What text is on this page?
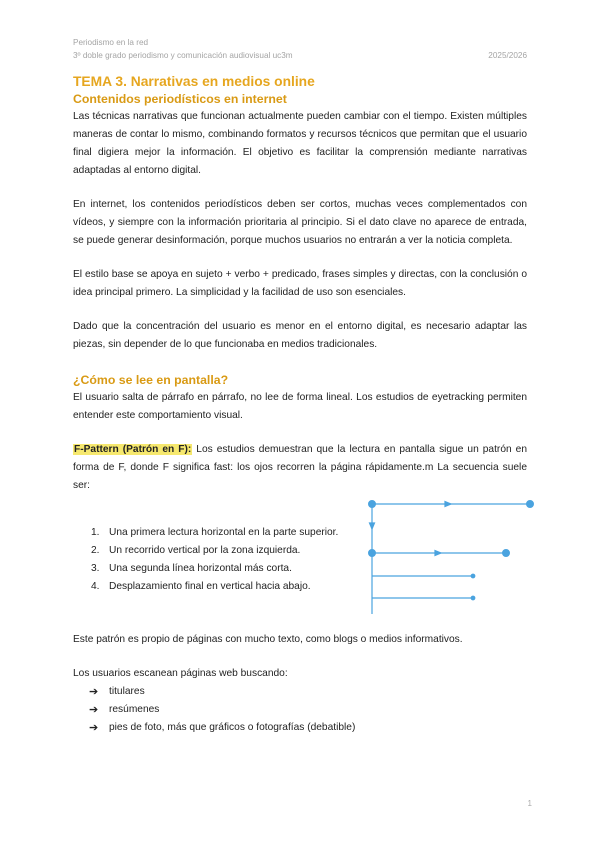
Periodismo en la red
3º doble grado periodismo y comunicación audiovisual uc3m	2025/2026
TEMA 3. Narrativas en medios online
Contenidos periodísticos en internet

Las técnicas narrativas que funcionan actualmente pueden cambiar con el tiempo. Existen múltiples maneras de contar lo mismo, combinando formatos y recursos técnicos que permitan que el usuario final digiera mejor la información. El objetivo es facilitar la comprensión mediante narrativas adaptadas al entorno digital.

En internet, los contenidos periodísticos deben ser cortos, muchas veces complementados con vídeos, y siempre con la información prioritaria al principio. Si el dato clave no aparece de entrada, se puede generar desinformación, porque muchos usuarios no entrarán a ver la noticia completa.

El estilo base se apoya en sujeto + verbo + predicado, frases simples y directas, con la conclusión o idea principal primero. La simplicidad y la facilidad de uso son esenciales.

Dado que la concentración del usuario es menor en el entorno digital, es necesario adaptar las piezas, sin depender de lo que funcionaba en medios tradicionales.

¿Cómo se lee en pantalla?

El usuario salta de párrafo en párrafo, no lee de forma lineal. Los estudios de eyetracking permiten entender este comportamiento visual.

F-Pattern (Patrón en F): Los estudios demuestran que la lectura en pantalla sigue un patrón en forma de F, donde F significa fast: los ojos recorren la página rápidamente.m La secuencia suele ser:

1. Una primera lectura horizontal en la parte superior.
2. Un recorrido vertical por la zona izquierda.
3. Una segunda línea horizontal más corta.
4. Desplazamiento final en vertical hacia abajo.

Este patrón es propio de páginas con mucho texto, como blogs o medios informativos.

Los usuarios escanean páginas web buscando:

➔	titulares
➔	resúmenes
➔	pies de foto, más que gráficos o fotografías (debatible)
1
